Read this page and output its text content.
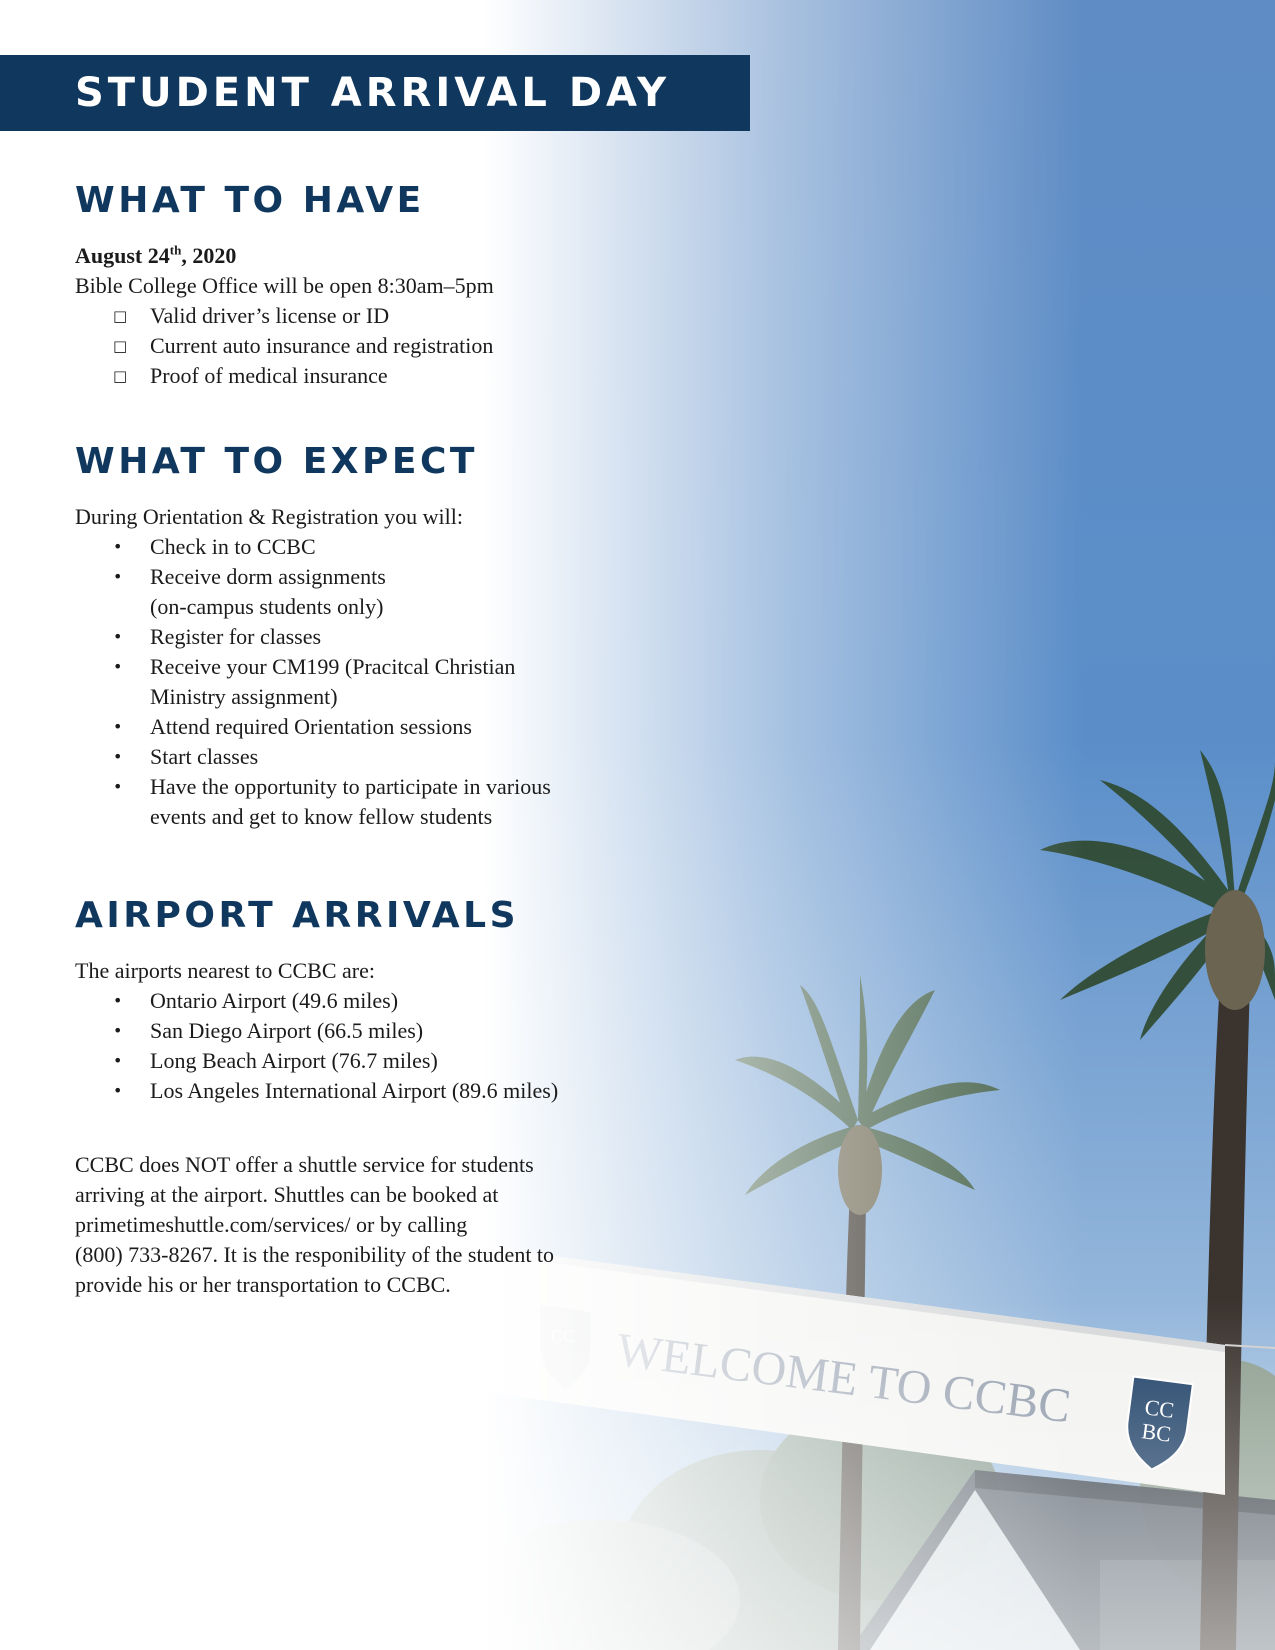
STUDENT ARRIVAL DAY
WHAT TO HAVE

August 24th, 2020

Bible College Office will be open 8:30am–5pm

□ Valid driver’s license or ID
□ Current auto insurance and registration
□ Proof of medical insurance
WHAT TO EXPECT

During Orientation & Registration you will:

• Check in to CCBC
• Receive dorm assignments
(on-campus students only)
• Register for classes
• Receive your CM199 (Pracitcal Christian
Ministry assignment)
• Attend required Orientation sessions
• Start classes
• Have the opportunity to participate in various
events and get to know fellow students
AIRPORT ARRIVALS

The airports nearest to CCBC are:

• Ontario Airport (49.6 miles)
• San Diego Airport (66.5 miles)
• Long Beach Airport (76.7 miles)
• Los Angeles International Airport (89.6 miles)

CCBC does NOT offer a shuttle service for students

arriving at the airport. Shuttles can be booked at

primetimeshuttle.com/services/ or by calling

(800) 733-8267. It is the responibility of the student to

provide his or her transportation to CCBC.
